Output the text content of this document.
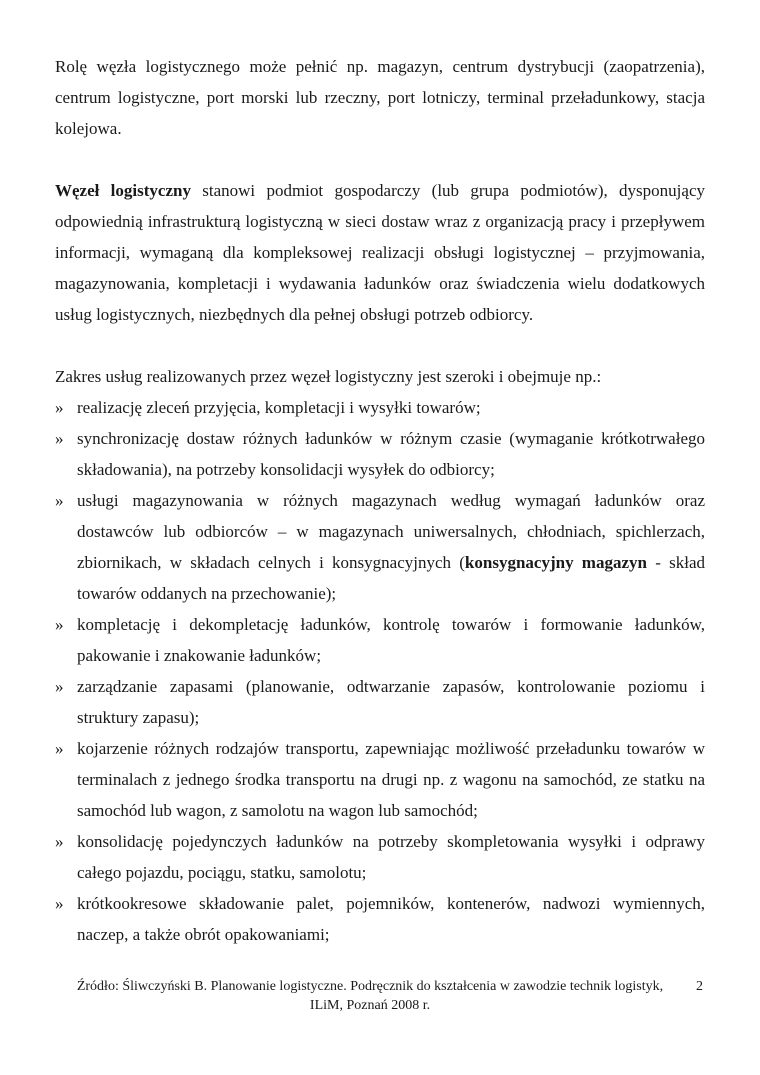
Rolę węzła logistycznego może pełnić np. magazyn, centrum dystrybucji (zaopatrzenia), centrum logistyczne, port morski lub rzeczny, port lotniczy, terminal przeładunkowy, stacja kolejowa.

Węzeł logistyczny stanowi podmiot gospodarczy (lub grupa podmiotów), dysponujący odpowiednią infrastrukturą logistyczną w sieci dostaw wraz z organizacją pracy i przepływem informacji, wymaganą dla kompleksowej realizacji obsługi logistycznej – przyjmowania, magazynowania, kompletacji i wydawania ładunków oraz świadczenia wielu dodatkowych usług logistycznych, niezbędnych dla pełnej obsługi potrzeb odbiorcy.

Zakres usług realizowanych przez węzeł logistyczny jest szeroki i obejmuje np.:

» realizację zleceń przyjęcia, kompletacji i wysyłki towarów;
» synchronizację dostaw różnych ładunków w różnym czasie (wymaganie krótkotrwałego składowania), na potrzeby konsolidacji wysyłek do odbiorcy;
» usługi magazynowania w różnych magazynach według wymagań ładunków oraz dostawców lub odbiorców – w magazynach uniwersalnych, chłodniach, spichlerzach, zbiornikach, w składach celnych i konsygnacyjnych (konsygnacyjny magazyn - skład towarów oddanych na przechowanie);
» kompletację i dekompletację ładunków, kontrolę towarów i formowanie ładunków, pakowanie i znakowanie ładunków;
» zarządzanie zapasami (planowanie, odtwarzanie zapasów, kontrolowanie poziomu i struktury zapasu);
» kojarzenie różnych rodzajów transportu, zapewniając możliwość przeładunku towarów w terminalach z jednego środka transportu na drugi np. z wagonu na samochód, ze statku na samochód lub wagon, z samolotu na wagon lub samochód;
» konsolidację pojedynczych ładunków na potrzeby skompletowania wysyłki i odprawy całego pojazdu, pociągu, statku, samolotu;
» krótkookresowe składowanie palet, pojemników, kontenerów, nadwozi wymiennych, naczep, a także obrót opakowaniami;
Źródło: Śliwczyński B. Planowanie logistyczne. Podręcznik do kształcenia w zawodzie technik logistyk, ILiM, Poznań 2008 r.
2
